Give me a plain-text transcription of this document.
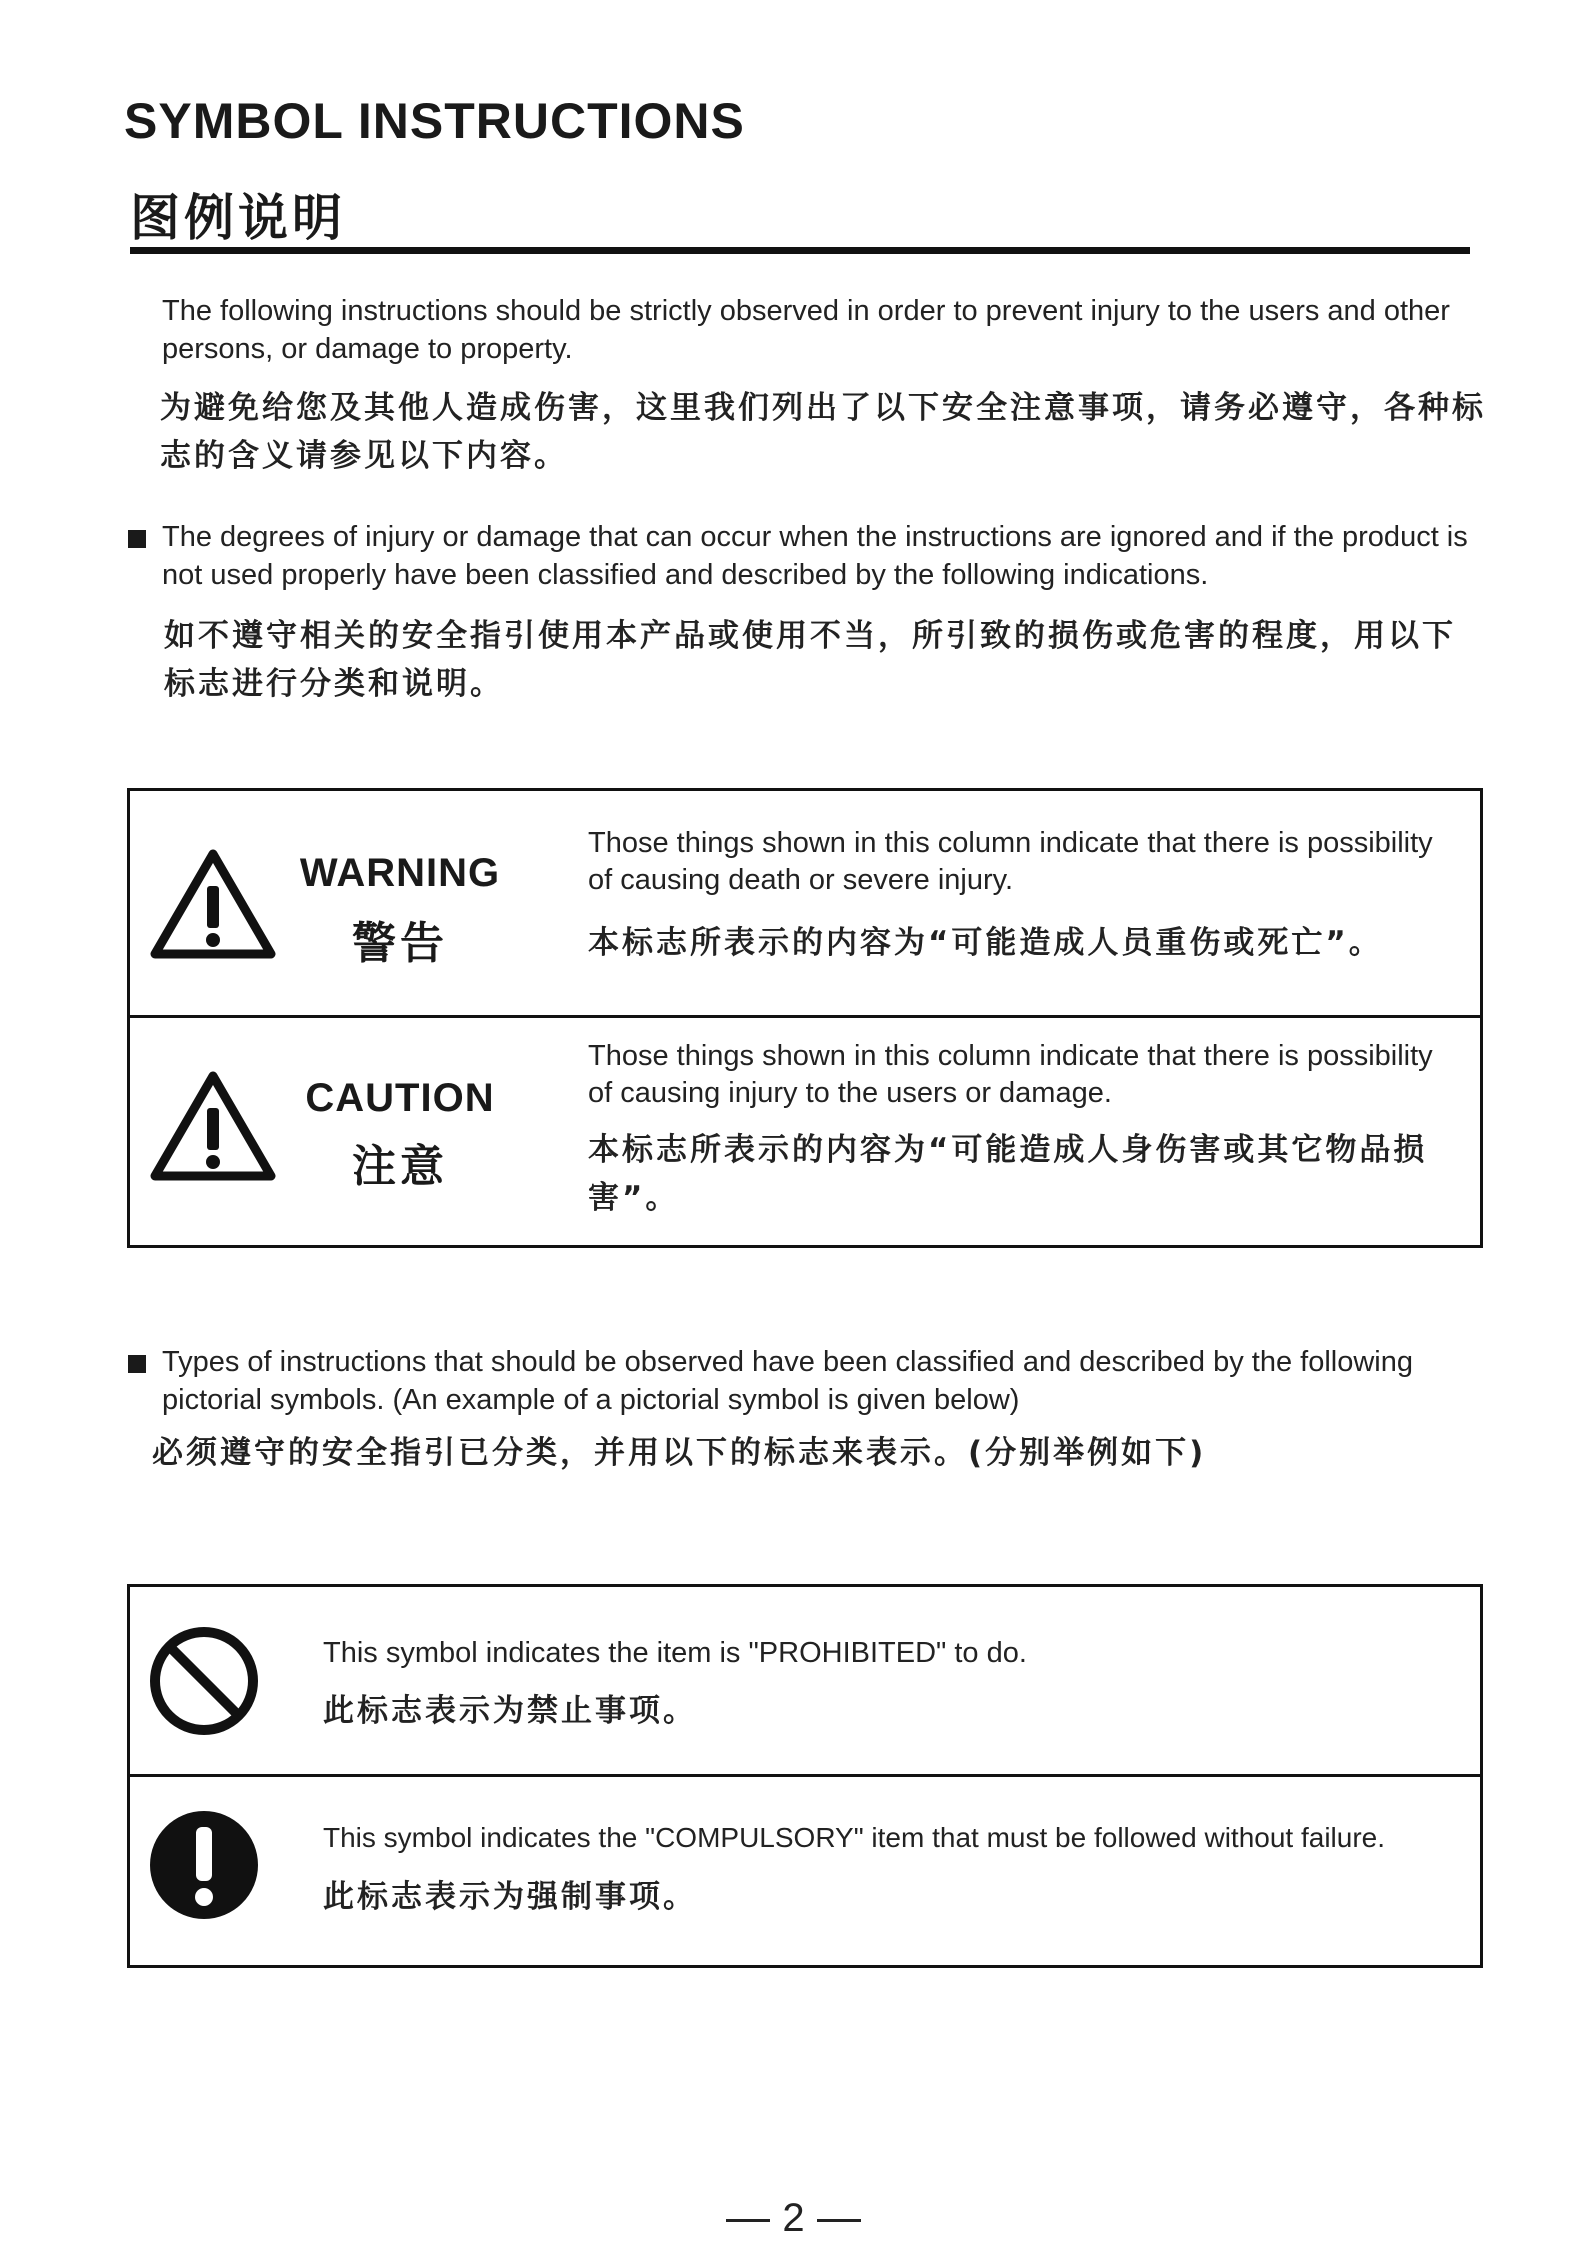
SYMBOL INSTRUCTIONS
图例说明

The following instructions should be strictly observed in order to prevent injury to the users and other persons, or damage to property.

为避免给您及其他人造成伤害，这里我们列出了以下安全注意事项，请务必遵守，各种标志的含义请参见以下内容。

The degrees of injury or damage that can occur when the instructions are ignored and if the product is not used properly have been classified and described by the following indications.

如不遵守相关的安全指引使用本产品或使用不当，所引致的损伤或危害的程度，用以下标志进行分类和说明。

WARNING
警告

Those things shown in this column indicate that there is possibility of causing death or severe injury.

本标志所表示的内容为“可能造成人员重伤或死亡”。

CAUTION
注意

Those things shown in this column indicate that there is possibility of causing injury to the users or damage.

本标志所表示的内容为“可能造成人身伤害或其它物品损害”。

Types of instructions that should be observed have been classified and described by the following pictorial symbols. (An example of a pictorial symbol is given below)

必须遵守的安全指引已分类，并用以下的标志来表示。(分别举例如下)

This symbol indicates the item is "PROHIBITED" to do.

此标志表示为禁止事项。

This symbol indicates the "COMPULSORY" item that must be followed without failure.

此标志表示为强制事项。

2
